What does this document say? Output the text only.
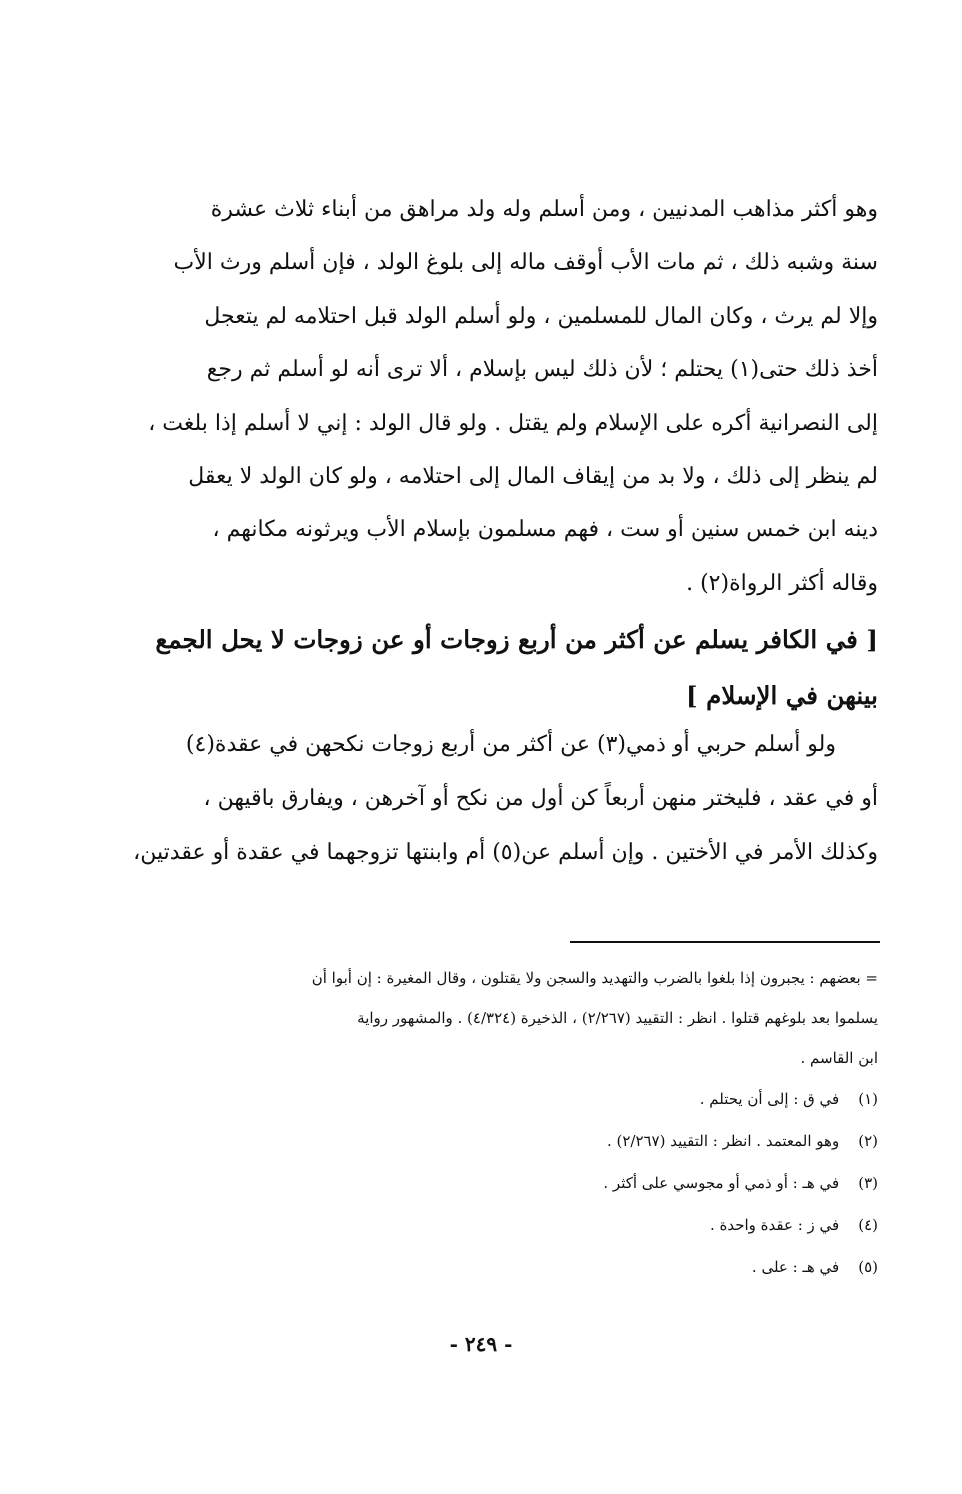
وهو أكثر مذاهب المدنيين ، ومن أسلم وله ولد مراهق من أبناء ثلاث عشرة

سنة وشبه ذلك ، ثم مات الأب أوقف ماله إلى بلوغ الولد ، فإن أسلم ورث الأب

وإلا لم يرث ، وكان المال للمسلمين ، ولو أسلم الولد قبل احتلامه لم يتعجل

أخذ ذلك حتى(١) يحتلم ؛ لأن ذلك ليس بإسلام ، ألا ترى أنه لو أسلم ثم رجع

إلى النصرانية أكره على الإسلام ولم يقتل . ولو قال الولد : إني لا أسلم إذا بلغت ،

لم ينظر إلى ذلك ، ولا بد من إيقاف المال إلى احتلامه ، ولو كان الولد لا يعقل

دينه ابن خمس سنين أو ست ، فهم مسلمون بإسلام الأب ويرثونه مكانهم ،

وقاله أكثر الرواة(٢) .

[ في الكافر يسلم عن أكثر من أربع زوجات أو عن زوجات لا يحل الجمع
بينهن في الإسلام ]

ولو أسلم حربي أو ذمي(٣) عن أكثر من أربع زوجات نكحهن في عقدة(٤)

أو في عقد ، فليختر منهن أربعاً كن أول من نكح أو آخرهن ، ويفارق باقيهن ،

وكذلك الأمر في الأختين . وإن أسلم عن(٥) أم وابنتها تزوجهما في عقدة أو عقدتين،

= بعضهم : يجبرون إذا بلغوا بالضرب والتهديد والسجن ولا يقتلون ، وقال المغيرة : إن أبوا أن
يسلموا بعد بلوغهم قتلوا . انظر : التقييد (٢/٢٦٧) ، الذخيرة (٤/٣٢٤) . والمشهور رواية
ابن القاسم .
(١) في ق : إلى أن يحتلم .
(٢) وهو المعتمد . انظر : التقييد (٢/٢٦٧) .
(٣) في هـ : أو ذمي أو مجوسي على أكثر .
(٤) في ز : عقدة واحدة .
(٥) في هـ : على .
- ٢٤٩ -
